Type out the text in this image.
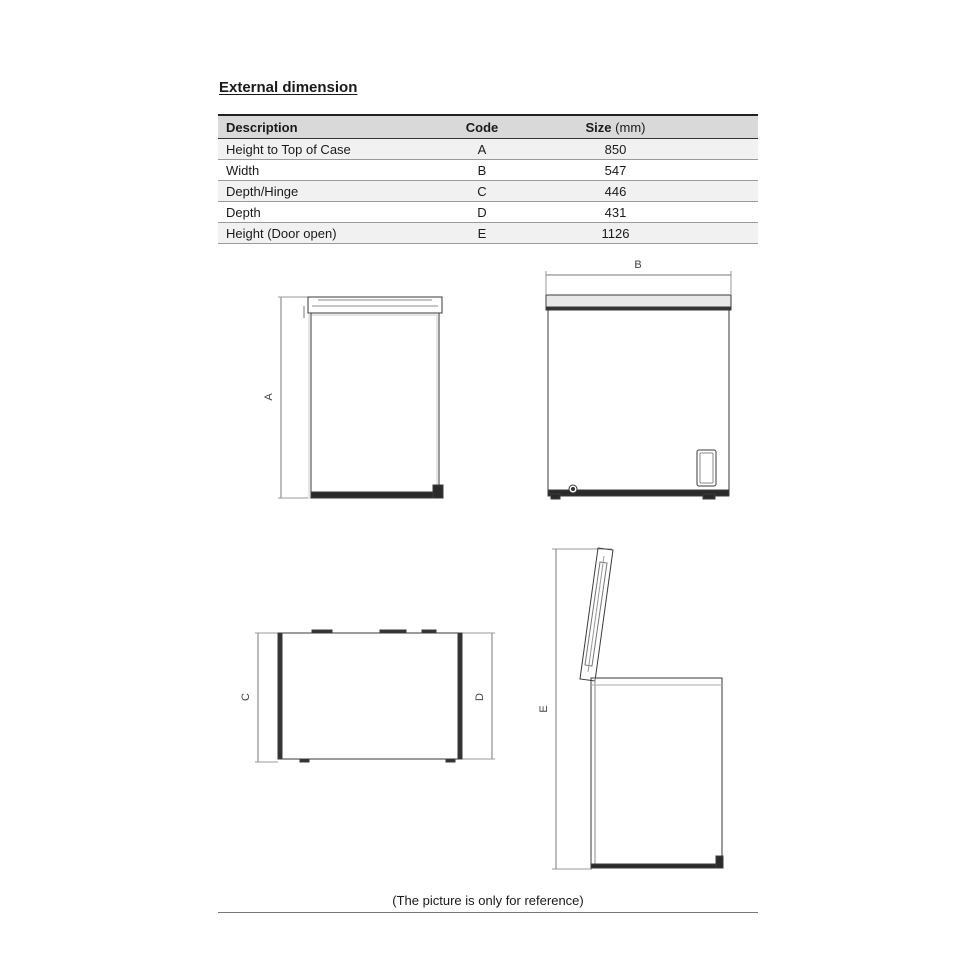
External dimension
Description	Code	Size (mm)
Height to Top of Case	A	850
Width	B	547
Depth/Hinge	C	446
Depth	D	431
Height (Door open)	E	1126
A
B
C	D
E
(The picture is only for reference)
